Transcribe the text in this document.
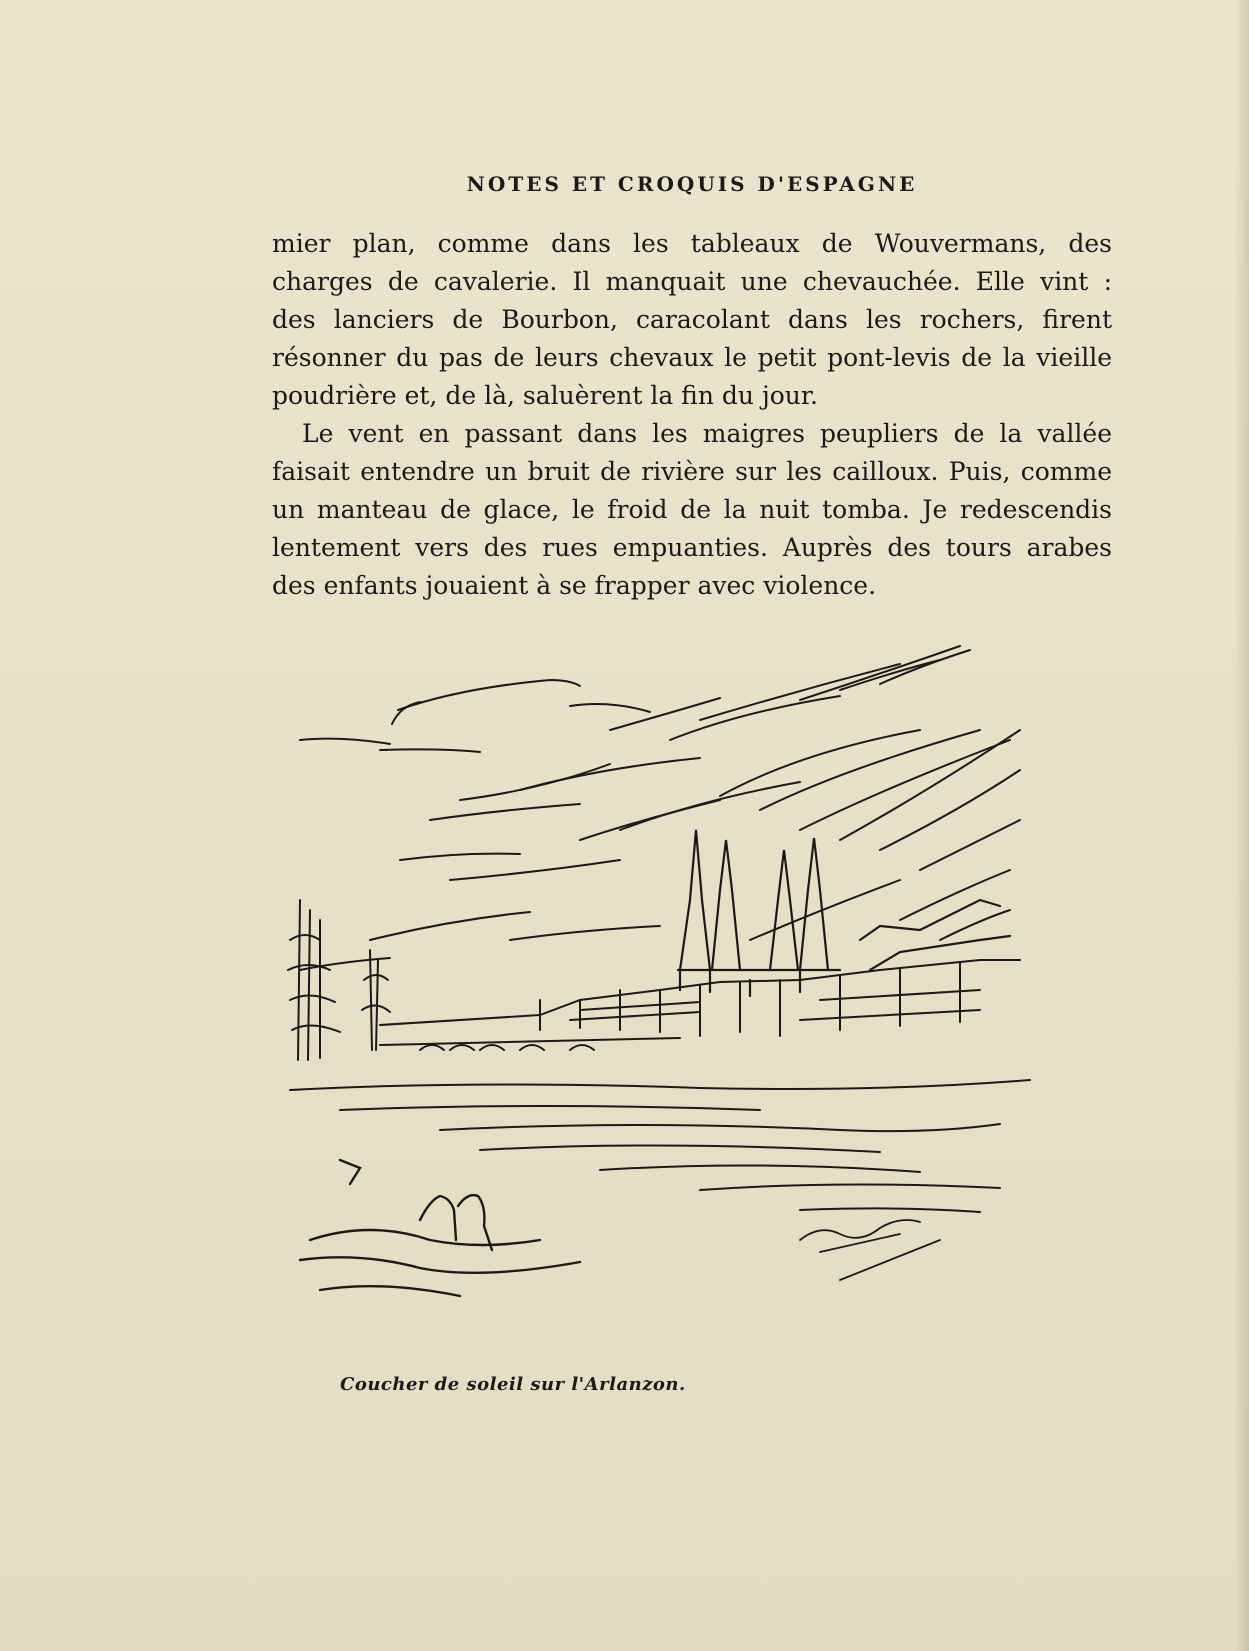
NOTES ET CROQUIS D'ESPAGNE
mier plan, comme dans les tableaux de Wouvermans, des
charges de cavalerie. Il manquait une chevauchée. Elle vint :
des lanciers de Bourbon, caracolant dans les rochers, firent
résonner du pas de leurs chevaux le petit pont-levis de la vieille
poudrière et, de là, saluèrent la fin du jour.
Le vent en passant dans les maigres peupliers de la vallée
faisait entendre un bruit de rivière sur les cailloux. Puis, comme
un manteau de glace, le froid de la nuit tomba. Je redescendis
lentement vers des rues empuanties. Auprès des tours arabes
des enfants jouaient à se frapper avec violence.
Coucher de soleil sur l'Arlanzon.
